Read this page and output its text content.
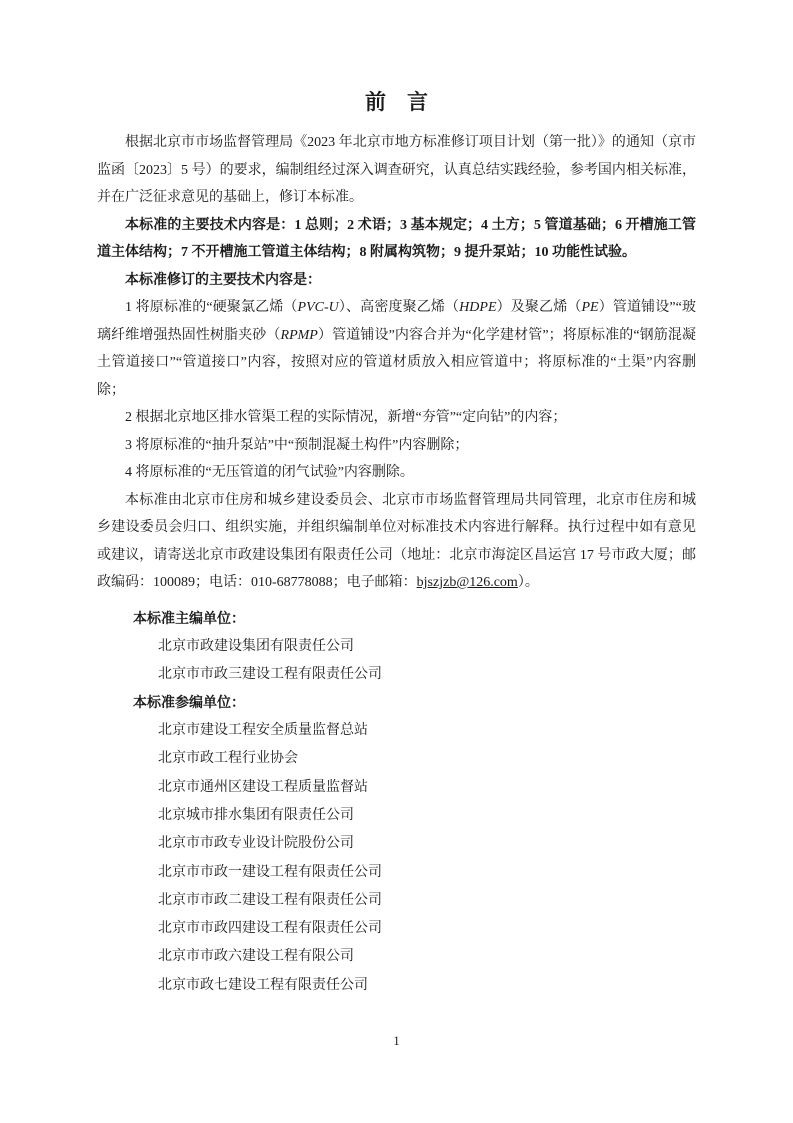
前　言

根据北京市市场监督管理局《2023 年北京市地方标准修订项目计划（第一批）》的通知（京市监函〔2023〕5 号）的要求，编制组经过深入调查研究，认真总结实践经验，参考国内相关标准，并在广泛征求意见的基础上，修订本标准。

本标准的主要技术内容是：1 总则；2 术语；3 基本规定；4 土方；5 管道基础；6 开槽施工管道主体结构；7 不开槽施工管道主体结构；8 附属构筑物；9 提升泵站；10 功能性试验。

本标准修订的主要技术内容是：

1 将原标准的“硬聚氯乙烯（PVC-U）、高密度聚乙烯（HDPE）及聚乙烯（PE）管道铺设”“玻璃纤维增强热固性树脂夹砂（RPMP）管道铺设”内容合并为“化学建材管”；将原标准的“钢筋混凝土管道接口”“管道接口”内容，按照对应的管道材质放入相应管道中；将原标准的“土渠”内容删除；

2 根据北京地区排水管渠工程的实际情况，新增“夯管”“定向钻”的内容；

3 将原标准的“抽升泵站”中“预制混凝土构件”内容删除；

4 将原标准的“无压管道的闭气试验”内容删除。

本标准由北京市住房和城乡建设委员会、北京市市场监督管理局共同管理，北京市住房和城乡建设委员会归口、组织实施，并组织编制单位对标准技术内容进行解释。执行过程中如有意见或建议，请寄送北京市政建设集团有限责任公司（地址：北京市海淀区昌运宫 17 号市政大厦；邮政编码：100089；电话：010-68778088；电子邮箱：bjszjzb@126.com）。

本标准主编单位：

北京市政建设集团有限责任公司
北京市市政三建设工程有限责任公司

本标准参编单位：

北京市建设工程安全质量监督总站
北京市政工程行业协会
北京市通州区建设工程质量监督站
北京城市排水集团有限责任公司
北京市市政专业设计院股份公司
北京市市政一建设工程有限责任公司
北京市市政二建设工程有限责任公司
北京市市政四建设工程有限责任公司
北京市市政六建设工程有限公司
北京市政七建设工程有限责任公司
1
